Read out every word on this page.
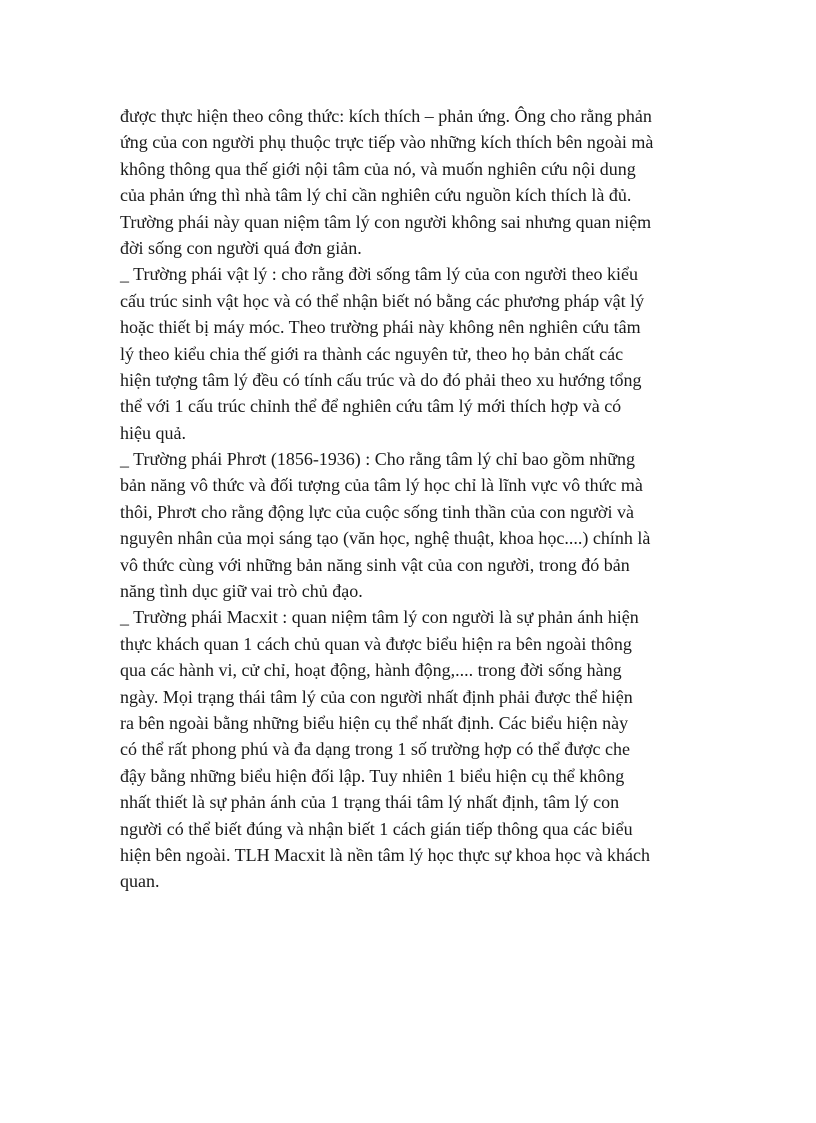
được thực hiện theo công thức: kích thích – phản ứng. Ông cho rằng phản
ứng của con người phụ thuộc trực tiếp vào những kích thích bên ngoài mà
không thông qua thế giới nội tâm của nó, và muốn nghiên cứu nội dung
của phản ứng thì nhà tâm lý chỉ cần nghiên cứu nguồn kích thích là đủ.
Trường phái này quan niệm tâm lý con người không sai nhưng quan niệm
đời sống con người quá đơn giản.
_ Trường phái vật lý : cho rằng đời sống tâm lý của con người theo kiểu
cấu trúc sinh vật học và có thể nhận biết nó bằng các phương pháp vật lý
hoặc thiết bị máy móc. Theo trường phái này không nên nghiên cứu tâm
lý theo kiểu chia thế giới ra thành các nguyên tử, theo họ bản chất các
hiện tượng tâm lý đều có tính cấu trúc và do đó phải theo xu hướng tổng
thể với 1 cấu trúc chỉnh thể để nghiên cứu tâm lý mới thích hợp và có
hiệu quả.
_ Trường phái Phrơt (1856-1936) : Cho rằng tâm lý chỉ bao gồm những
bản năng vô thức và đối tượng của tâm lý học chỉ là lĩnh vực vô thức mà
thôi, Phrơt cho rằng động lực của cuộc sống tinh thần của con người và
nguyên nhân của mọi sáng tạo (văn học, nghệ thuật, khoa học....) chính là
vô thức cùng với những bản năng sinh vật của con người, trong đó bản
năng tình dục giữ vai trò chủ đạo.
_ Trường phái Macxit : quan niệm tâm lý con người là sự phản ánh hiện
thực khách quan 1 cách chủ quan và được biểu hiện ra bên ngoài thông
qua các hành vi, cử chỉ, hoạt động, hành động,.... trong đời sống hàng
ngày. Mọi trạng thái tâm lý của con người nhất định phải được thể hiện
ra bên ngoài bằng những biểu hiện cụ thể nhất định. Các biểu hiện này
có thể rất phong phú và đa dạng trong 1 số trường hợp có thể được che
đậy bằng những biểu hiện đối lập. Tuy nhiên 1 biểu hiện cụ thể không
nhất thiết là sự phản ánh của 1 trạng thái tâm lý nhất định, tâm lý con
người có thể biết đúng và nhận biết 1 cách gián tiếp thông qua các biểu
hiện bên ngoài. TLH Macxit là nền tâm lý học thực sự khoa học và khách
quan.
